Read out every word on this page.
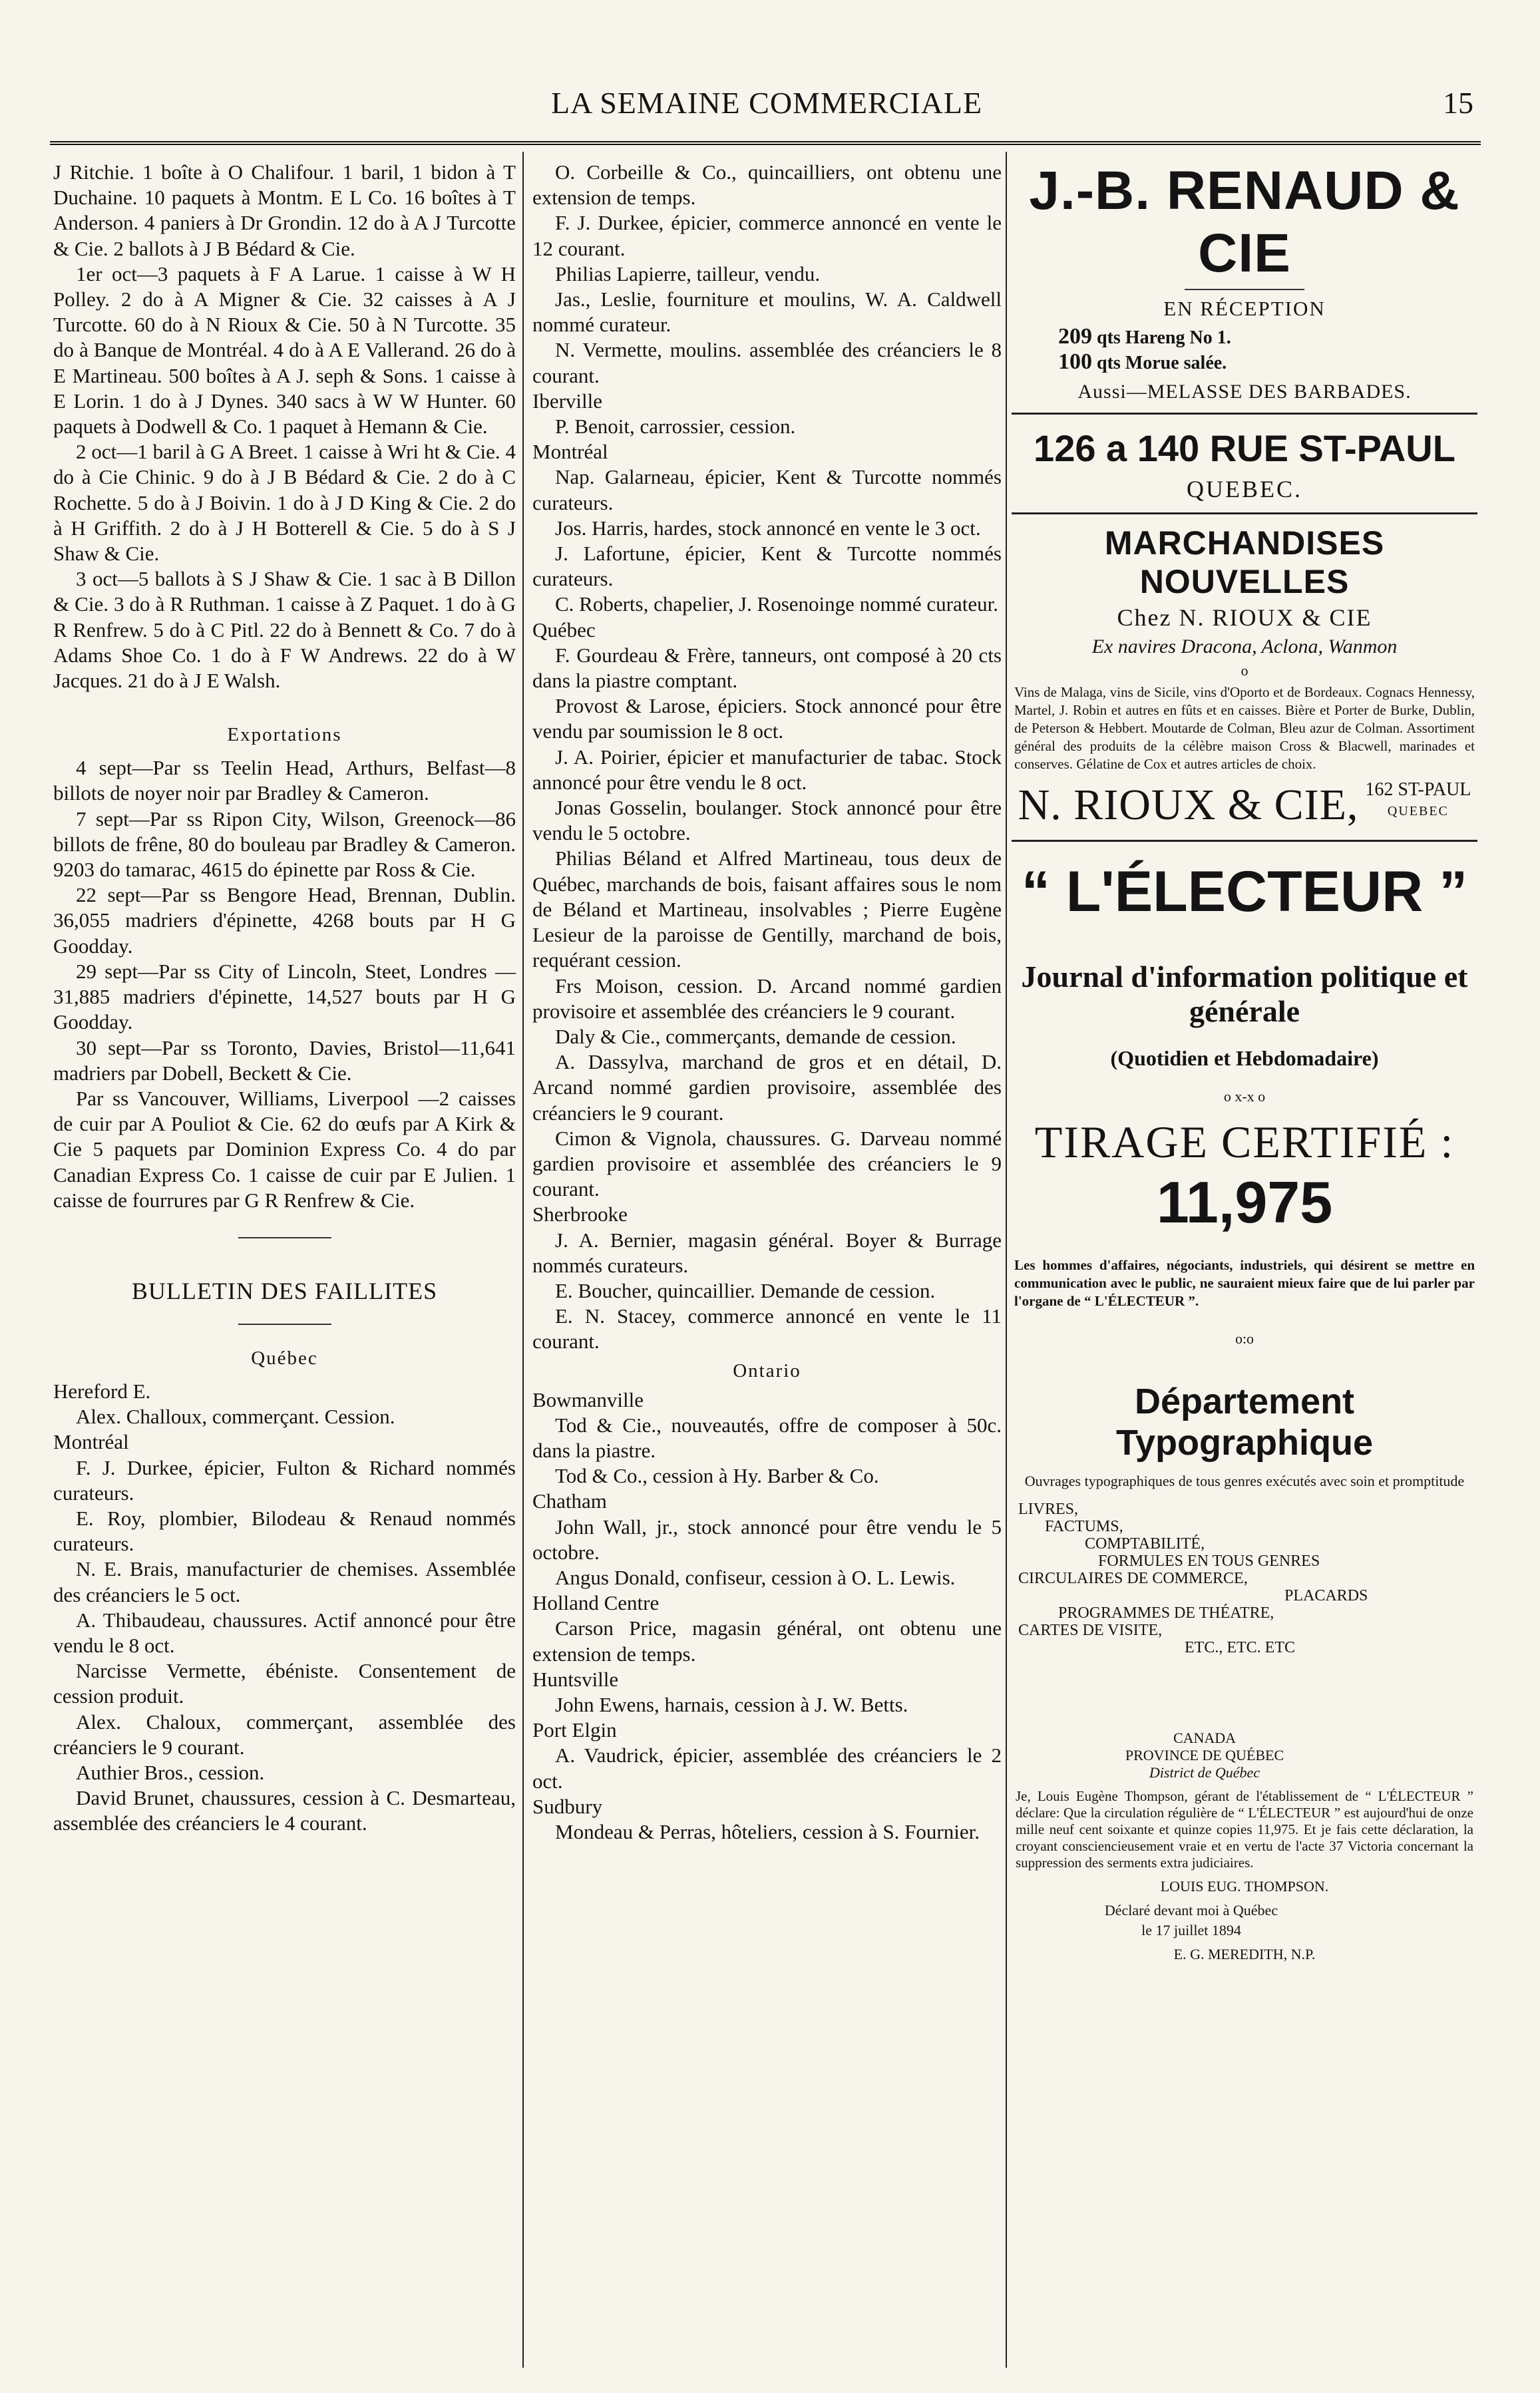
LA SEMAINE COMMERCIALE	15

J Ritchie. 1 boîte à O Chalifour. 1 baril, 1 bidon à T Duchaine. 10 paquets à Montm. E L Co. 16 boîtes à T Anderson. 4 paniers à Dr Grondin. 12 do à A J Turcotte & Cie. 2 ballots à J B Bédard & Cie.

1er oct—3 paquets à F A Larue. 1 caisse à W H Polley. 2 do à A Migner & Cie. 32 caisses à A J Turcotte. 60 do à N Rioux & Cie. 50 à N Turcotte. 35 do à Banque de Montréal. 4 do à A E Vallerand. 26 do à E Martineau. 500 boîtes à A J. seph & Sons. 1 caisse à E Lorin. 1 do à J Dynes. 340 sacs à W W Hunter. 60 paquets à Dodwell & Co. 1 paquet à Hemann & Cie.

2 oct—1 baril à G A Breet. 1 caisse à Wri ht & Cie. 4 do à Cie Chinic. 9 do à J B Bédard & Cie. 2 do à C Rochette. 5 do à J Boivin. 1 do à J D King & Cie. 2 do à H Griffith. 2 do à J H Botterell & Cie. 5 do à S J Shaw & Cie.

3 oct—5 ballots à S J Shaw & Cie. 1 sac à B Dillon & Cie. 3 do à R Ruthman. 1 caisse à Z Paquet. 1 do à G R Renfrew. 5 do à C Pitl. 22 do à Bennett & Co. 7 do à Adams Shoe Co. 1 do à F W Andrews. 22 do à W Jacques. 21 do à J E Walsh.

Exportations

4 sept—Par ss Teelin Head, Arthurs, Belfast—8 billots de noyer noir par Bradley & Cameron.

7 sept—Par ss Ripon City, Wilson, Greenock—86 billots de frêne, 80 do bouleau par Bradley & Cameron. 9203 do tamarac, 4615 do épinette par Ross & Cie.

22 sept—Par ss Bengore Head, Brennan, Dublin. 36,055 madriers d'épinette, 4268 bouts par H G Goodday.

29 sept—Par ss City of Lincoln, Steet, Londres — 31,885 madriers d'épinette, 14,527 bouts par H G Goodday.

30 sept—Par ss Toronto, Davies, Bristol—11,641 madriers par Dobell, Beckett & Cie.

Par ss Vancouver, Williams, Liverpool —2 caisses de cuir par A Pouliot & Cie. 62 do œufs par A Kirk & Cie 5 paquets par Dominion Express Co. 4 do par Canadian Express Co. 1 caisse de cuir par E Julien. 1 caisse de fourrures par G R Renfrew & Cie.

BULLETIN DES FAILLITES
Québec

Hereford E.

Alex. Challoux, commerçant. Cession.

Montréal

F. J. Durkee, épicier, Fulton & Richard nommés curateurs.

E. Roy, plombier, Bilodeau & Renaud nommés curateurs.

N. E. Brais, manufacturier de chemises. Assemblée des créanciers le 5 oct.

A. Thibaudeau, chaussures. Actif annoncé pour être vendu le 8 oct.

Narcisse Vermette, ébéniste. Consentement de cession produit.

Alex. Chaloux, commerçant, assemblée des créanciers le 9 courant.

Authier Bros., cession.

David Brunet, chaussures, cession à C. Desmarteau, assemblée des créanciers le 4 courant.

O. Corbeille & Co., quincailliers, ont obtenu une extension de temps.

F. J. Durkee, épicier, commerce annoncé en vente le 12 courant.

Philias Lapierre, tailleur, vendu.

Jas., Leslie, fourniture et moulins, W. A. Caldwell nommé curateur.

N. Vermette, moulins. assemblée des créanciers le 8 courant.

Iberville

P. Benoit, carrossier, cession.

Montréal

Nap. Galarneau, épicier, Kent & Turcotte nommés curateurs.

Jos. Harris, hardes, stock annoncé en vente le 3 oct.

J. Lafortune, épicier, Kent & Turcotte nommés curateurs.

C. Roberts, chapelier, J. Rosenoinge nommé curateur.

Québec

F. Gourdeau & Frère, tanneurs, ont composé à 20 cts dans la piastre comptant.

Provost & Larose, épiciers. Stock annoncé pour être vendu par soumission le 8 oct.

J. A. Poirier, épicier et manufacturier de tabac. Stock annoncé pour être vendu le 8 oct.

Jonas Gosselin, boulanger. Stock annoncé pour être vendu le 5 octobre.

Philias Béland et Alfred Martineau, tous deux de Québec, marchands de bois, faisant affaires sous le nom de Béland et Martineau, insolvables ; Pierre Eugène Lesieur de la paroisse de Gentilly, marchand de bois, requérant cession.

Frs Moison, cession. D. Arcand nommé gardien provisoire et assemblée des créanciers le 9 courant.

Daly & Cie., commerçants, demande de cession.

A. Dassylva, marchand de gros et en détail, D. Arcand nommé gardien provisoire, assemblée des créanciers le 9 courant.

Cimon & Vignola, chaussures. G. Darveau nommé gardien provisoire et assemblée des créanciers le 9 courant.

Sherbrooke

J. A. Bernier, magasin général. Boyer & Burrage nommés curateurs.

E. Boucher, quincaillier. Demande de cession.

E. N. Stacey, commerce annoncé en vente le 11 courant.

Ontario

Bowmanville

Tod & Cie., nouveautés, offre de composer à 50c. dans la piastre.

Tod & Co., cession à Hy. Barber & Co.

Chatham

John Wall, jr., stock annoncé pour être vendu le 5 octobre.

Angus Donald, confiseur, cession à O. L. Lewis.

Holland Centre

Carson Price, magasin général, ont obtenu une extension de temps.

Huntsville

John Ewens, harnais, cession à J. W. Betts.

Port Elgin

A. Vaudrick, épicier, assemblée des créanciers le 2 oct.

Sudbury

Mondeau & Perras, hôteliers, cession à S. Fournier.

J.-B. RENAUD & CIE
EN RÉCEPTION
209 qts Hareng No 1.
100 qts Morue salée.
Aussi—MELASSE DES BARBADES.
126 a 140 RUE ST-PAUL
QUEBEC.
MARCHANDISES NOUVELLES
Chez N. RIOUX & CIE
Ex navires Dracona, Aclona, Wanmon
o
Vins de Malaga, vins de Sicile, vins d'Oporto et de Bordeaux. Cognacs Hennessy, Martel, J. Robin et autres en fûts et en caisses. Bière et Porter de Burke, Dublin, de Peterson & Hebbert. Moutarde de Colman, Bleu azur de Colman. Assortiment général des produits de la célèbre maison Cross & Blacwell, marinades et conserves. Gélatine de Cox et autres articles de choix.
N. RIOUX & CIE, 162 ST-PAUL
QUEBEC
“ L'ÉLECTEUR ”
Journal d'information politique et générale
(Quotidien et Hebdomadaire)
o x-x o
TIRAGE CERTIFIÉ :
11,975
Les hommes d'affaires, négociants, industriels, qui désirent se mettre en communication avec le public, ne sauraient mieux faire que de lui parler par l'organe de “ L'ÉLECTEUR ”.
o:o
Département Typographique
Ouvrages typographiques de tous genres exécutés avec soin et promptitude
LIVRES,
FACTUMS,
COMPTABILITÉ,
FORMULES EN TOUS GENRES
CIRCULAIRES DE COMMERCE,
PLACARDS
PROGRAMMES DE THÉATRE,
CARTES DE VISITE,
ETC., ETC. ETC
CANADA
PROVINCE DE QUÉBEC
District de Québec
Je, Louis Eugène Thompson, gérant de l'établissement de “ L'ÉLECTEUR ” déclare: Que la circulation régulière de “ L'ÉLECTEUR ” est aujourd'hui de onze mille neuf cent soixante et quinze copies 11,975. Et je fais cette déclaration, la croyant consciencieusement vraie et en vertu de l'acte 37 Victoria concernant la suppression des serments extra judiciaires.
LOUIS EUG. THOMPSON.
Déclaré devant moi à Québec
le 17 juillet 1894
E. G. MEREDITH, N.P.
